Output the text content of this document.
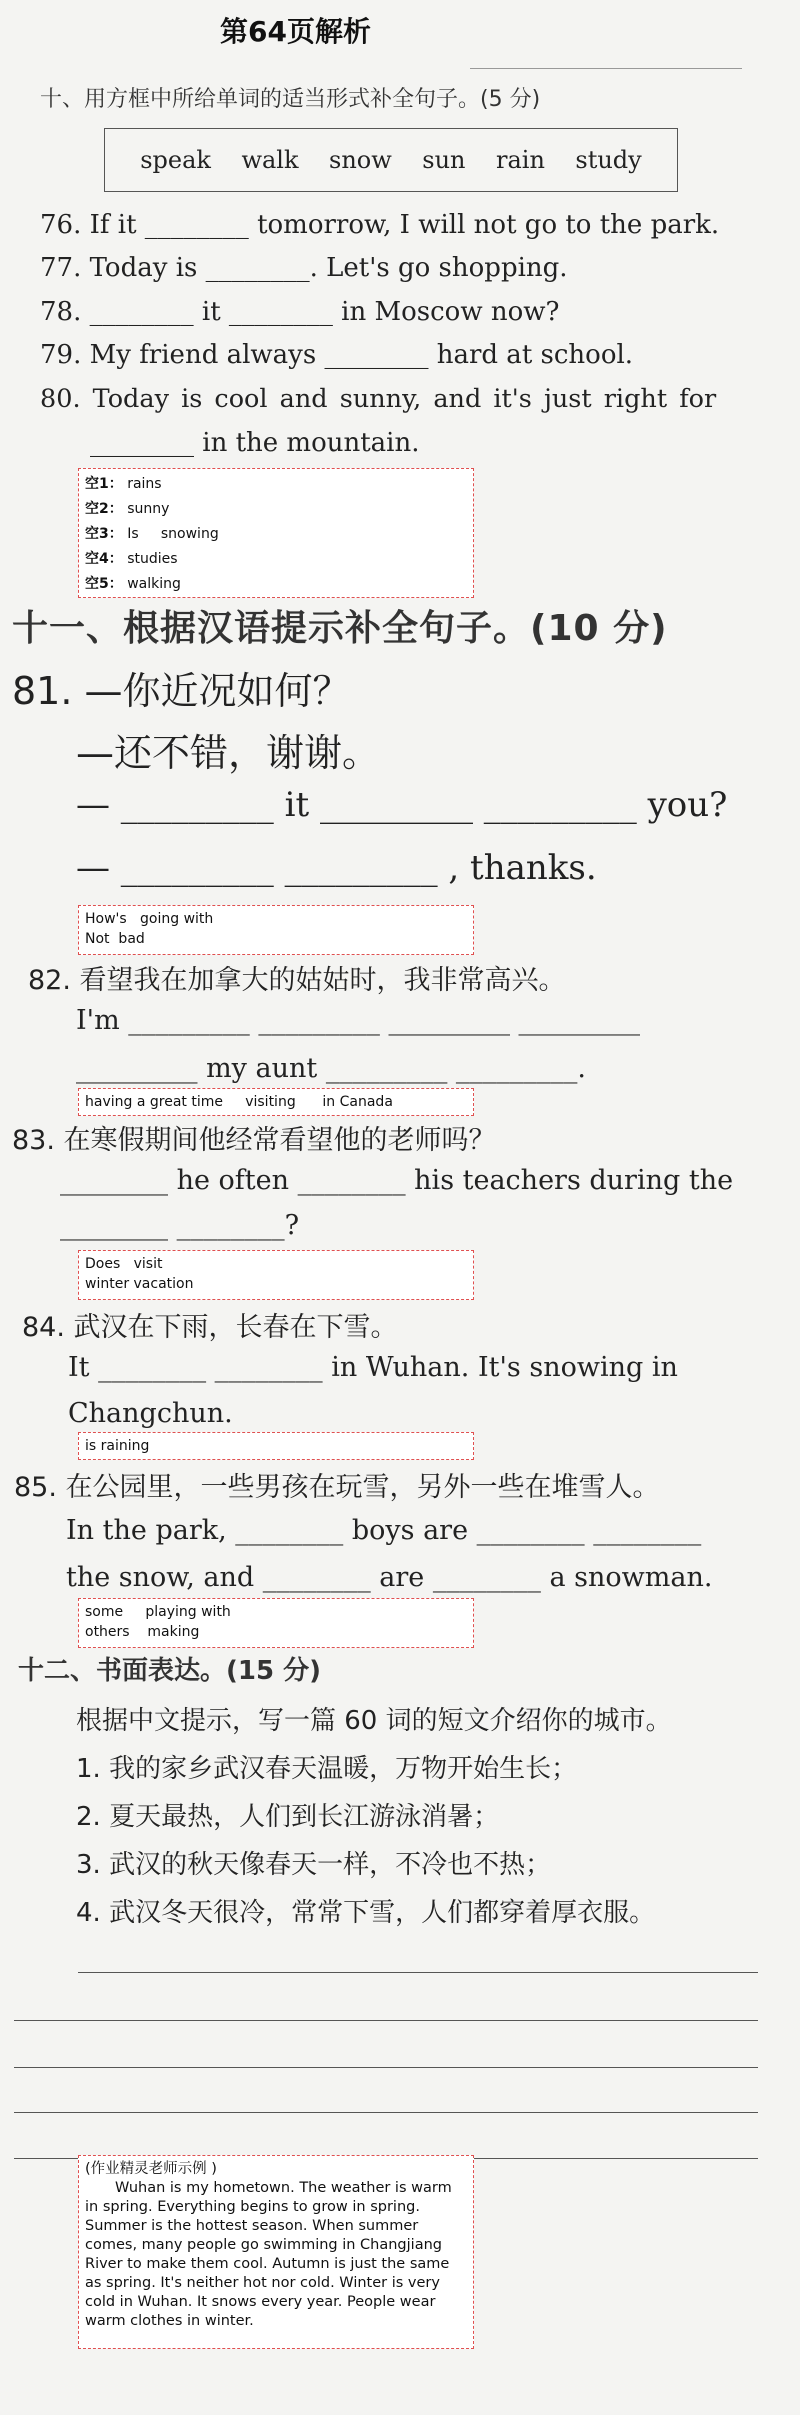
第64页解析
十、用方框中所给单词的适当形式补全句子。(5 分)
speak walk snow sun rain study
76. If it ________ tomorrow, I will not go to the park.
77. Today is ________. Let's go shopping.
78. ________ it ________ in Moscow now?
79. My friend always ________ hard at school.
80. Today is cool and sunny, and it's just right for
________ in the mountain.
空1： rains
空2： sunny
空3： Is     snowing
空4： studies
空5： walking
十一、根据汉语提示补全句子。(10 分)
81. —你近况如何？
—还不错，谢谢。
— _________ it _________ _________ you?
— _________ _________ , thanks.
How's   going with
Not  bad
82. 看望我在加拿大的姑姑时，我非常高兴。
I'm _________ _________ _________ _________
_________ my aunt _________ _________.
having a great time     visiting      in Canada
83. 在寒假期间他经常看望他的老师吗？
________ he often ________ his teachers during the
________ ________?
Does   visit
winter vacation
84. 武汉在下雨，长春在下雪。
It ________ ________ in Wuhan. It's snowing in
Changchun.
is raining
85. 在公园里，一些男孩在玩雪，另外一些在堆雪人。
In the park, ________ boys are ________ ________
the snow, and ________ are ________ a snowman.
some     playing with
others    making
十二、书面表达。(15 分)
根据中文提示，写一篇 60 词的短文介绍你的城市。
1. 我的家乡武汉春天温暖，万物开始生长；
2. 夏天最热，人们到长江游泳消暑；
3. 武汉的秋天像春天一样，不冷也不热；
4. 武汉冬天很冷，常常下雪，人们都穿着厚衣服。
(作业精灵老师示例 )
Wuhan is my hometown. The weather is warm in spring. Everything begins to grow in spring. Summer is the hottest season. When summer comes, many people go swimming in Changjiang River to make them cool. Autumn is just the same as spring. It's neither hot nor cold. Winter is very cold in Wuhan. It snows every year. People wear warm clothes in winter.
